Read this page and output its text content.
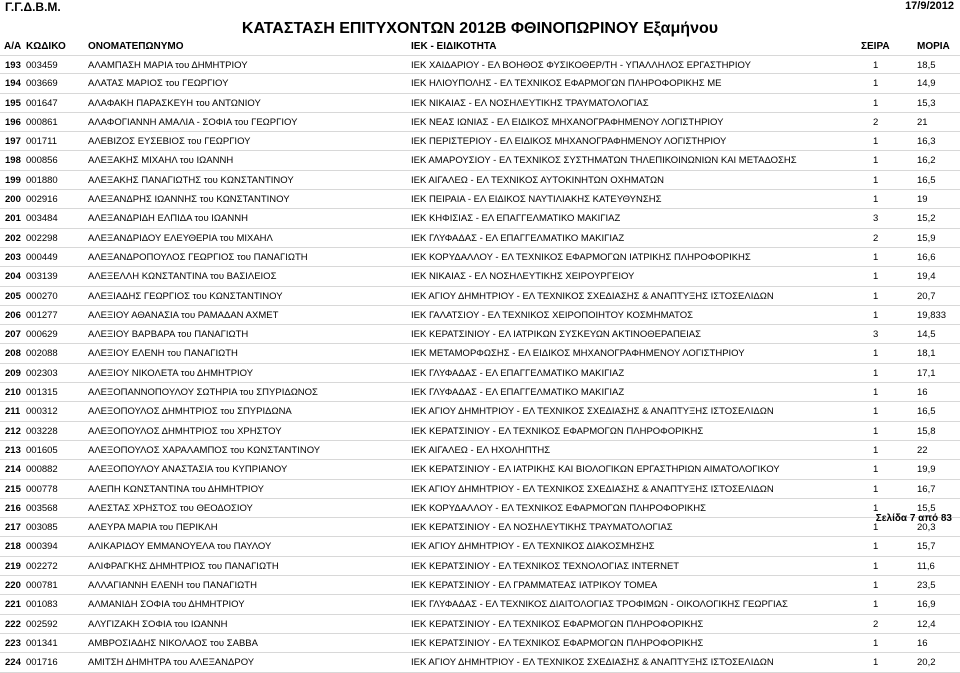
Γ.Γ.Δ.Β.Μ.	17/9/2012
ΚΑΤΑΣΤΑΣΗ ΕΠΙΤΥΧΟΝΤΩΝ 2012Β ΦΘΙΝΟΠΩΡΙΝΟΥ Εξαμήνου
Α/Α ΚΩΔΙΚΟ ΟΝΟΜΑΤΕΠΩΝΥΜΟ	ΙΕΚ - ΕΙΔΙΚΟΤΗΤΑ	ΣΕΙΡΑ	ΜΟΡΙΑ
193 003459	ΑΛΑΜΠΑΣΗ ΜΑΡΙΑ του ΔΗΜΗΤΡΙΟΥ	ΙΕΚ ΧΑΙΔΑΡΙΟΥ - ΕΛ ΒΟΗΘΟΣ ΦΥΣΙΚΟΘΕΡ/ΤΗ - ΥΠΑΛΛΗΛΟΣ ΕΡΓΑΣΤΗΡΙΟΥ	1	18,5
194 003669	ΑΛΑΤΑΣ ΜΑΡΙΟΣ του ΓΕΩΡΓΙΟΥ	ΙΕΚ ΗΛΙΟΥΠΟΛΗΣ - ΕΛ ΤΕΧΝΙΚΟΣ ΕΦΑΡΜΟΓΩΝ ΠΛΗΡΟΦΟΡΙΚΗΣ ΜΕ	1	14,9
195 001647	ΑΛΑΦΑΚΗ ΠΑΡΑΣΚΕΥΗ του ΑΝΤΩΝΙΟΥ	ΙΕΚ ΝΙΚΑΙΑΣ - ΕΛ ΝΟΣΗΛΕΥΤΙΚΗΣ ΤΡΑΥΜΑΤΟΛΟΓΙΑΣ	1	15,3
196 000861	ΑΛΑΦΟΓΙΑΝΝΗ ΑΜΑΛΙΑ - ΣΟΦΙΑ του ΓΕΩΡΓΙΟΥ	ΙΕΚ ΝΕΑΣ ΙΩΝΙΑΣ - ΕΛ ΕΙΔΙΚΟΣ ΜΗΧΑΝΟΓΡΑΦΗΜΕΝΟΥ ΛΟΓΙΣΤΗΡΙΟΥ	2	21
197 001711	ΑΛΕΒΙΖΟΣ ΕΥΣΕΒΙΟΣ του ΓΕΩΡΓΙΟΥ	ΙΕΚ ΠΕΡΙΣΤΕΡΙΟΥ - ΕΛ ΕΙΔΙΚΟΣ ΜΗΧΑΝΟΓΡΑΦΗΜΕΝΟΥ ΛΟΓΙΣΤΗΡΙΟΥ	1	16,3
198 000856	ΑΛΕΞΑΚΗΣ ΜΙΧΑΗΛ του ΙΩΑΝΝΗ	ΙΕΚ ΑΜΑΡΟΥΣΙΟΥ - ΕΛ ΤΕΧΝΙΚΟΣ ΣΥΣΤΗΜΑΤΩΝ ΤΗΛΕΠΙΚΟΙΝΩΝΙΩΝ ΚΑΙ ΜΕΤΑΔΟΣΗΣ	1	16,2
199 001880	ΑΛΕΞΑΚΗΣ ΠΑΝΑΓΙΩΤΗΣ του ΚΩΝΣΤΑΝΤΙΝΟΥ	ΙΕΚ ΑΙΓΑΛΕΩ - ΕΛ ΤΕΧΝΙΚΟΣ ΑΥΤΟΚΙΝΗΤΩΝ ΟΧΗΜΑΤΩΝ	1	16,5
200 002916	ΑΛΕΞΑΝΔΡΗΣ ΙΩΑΝΝΗΣ του ΚΩΝΣΤΑΝΤΙΝΟΥ	ΙΕΚ ΠΕΙΡΑΙΑ - ΕΛ ΕΙΔΙΚΟΣ ΝΑΥΤΙΛΙΑΚΗΣ ΚΑΤΕΥΘΥΝΣΗΣ	1	19
201 003484	ΑΛΕΞΑΝΔΡΙΔΗ ΕΛΠΙΔΑ του ΙΩΑΝΝΗ	ΙΕΚ ΚΗΦΙΣΙΑΣ - ΕΛ ΕΠΑΓΓΕΛΜΑΤΙΚΟ ΜΑΚΙΓΙΑΖ	3	15,2
202 002298	ΑΛΕΞΑΝΔΡΙΔΟΥ ΕΛΕΥΘΕΡΙΑ του ΜΙΧΑΗΛ	ΙΕΚ ΓΛΥΦΑΔΑΣ - ΕΛ ΕΠΑΓΓΕΛΜΑΤΙΚΟ ΜΑΚΙΓΙΑΖ	2	15,9
203 000449	ΑΛΕΞΑΝΔΡΟΠΟΥΛΟΣ ΓΕΩΡΓΙΟΣ του ΠΑΝΑΓΙΩΤΗ	ΙΕΚ ΚΟΡΥΔΑΛΛΟΥ - ΕΛ ΤΕΧΝΙΚΟΣ ΕΦΑΡΜΟΓΩΝ ΙΑΤΡΙΚΗΣ ΠΛΗΡΟΦΟΡΙΚΗΣ	1	16,6
204 003139	ΑΛΕΞΕΛΛΗ ΚΩΝΣΤΑΝΤΙΝΑ του ΒΑΣΙΛΕΙΟΣ	ΙΕΚ ΝΙΚΑΙΑΣ - ΕΛ ΝΟΣΗΛΕΥΤΙΚΗΣ ΧΕΙΡΟΥΡΓΕΙΟΥ	1	19,4
205 000270	ΑΛΕΞΙΑΔΗΣ ΓΕΩΡΓΙΟΣ του ΚΩΝΣΤΑΝΤΙΝΟΥ	ΙΕΚ ΑΓΙΟΥ ΔΗΜΗΤΡΙΟΥ - ΕΛ ΤΕΧΝΙΚΟΣ ΣΧΕΔΙΑΣΗΣ & ΑΝΑΠΤΥΞΗΣ ΙΣΤΟΣΕΛΙΔΩΝ	1	20,7
206 001277	ΑΛΕΞΙΟΥ ΑΘΑΝΑΣΙΑ του ΡΑΜΑΔΑΝ ΑΧΜΕΤ	ΙΕΚ ΓΑΛΑΤΣΙΟΥ - ΕΛ ΤΕΧΝΙΚΟΣ ΧΕΙΡΟΠΟΙΗΤΟΥ ΚΟΣΜΗΜΑΤΟΣ	1	19,833
207 000629	ΑΛΕΞΙΟΥ ΒΑΡΒΑΡΑ του ΠΑΝΑΓΙΩΤΗ	ΙΕΚ ΚΕΡΑΤΣΙΝΙΟΥ - ΕΛ ΙΑΤΡΙΚΩΝ ΣΥΣΚΕΥΩΝ ΑΚΤΙΝΟΘΕΡΑΠΕΙΑΣ	3	14,5
208 002088	ΑΛΕΞΙΟΥ ΕΛΕΝΗ του ΠΑΝΑΓΙΩΤΗ	ΙΕΚ ΜΕΤΑΜΟΡΦΩΣΗΣ - ΕΛ ΕΙΔΙΚΟΣ ΜΗΧΑΝΟΓΡΑΦΗΜΕΝΟΥ ΛΟΓΙΣΤΗΡΙΟΥ	1	18,1
209 002303	ΑΛΕΞΙΟΥ ΝΙΚΟΛΕΤΑ του ΔΗΜΗΤΡΙΟΥ	ΙΕΚ ΓΛΥΦΑΔΑΣ - ΕΛ ΕΠΑΓΓΕΛΜΑΤΙΚΟ ΜΑΚΙΓΙΑΖ	1	17,1
210 001315	ΑΛΕΞΟΠΑΝΝΟΠΟΥΛΟΥ ΣΩΤΗΡΙΑ του ΣΠΥΡΙΔΩΝΟΣ	ΙΕΚ ΓΛΥΦΑΔΑΣ - ΕΛ ΕΠΑΓΓΕΛΜΑΤΙΚΟ ΜΑΚΙΓΙΑΖ	1	16
211 000312	ΑΛΕΞΟΠΟΥΛΟΣ ΔΗΜΗΤΡΙΟΣ του ΣΠΥΡΙΔΩΝΑ	ΙΕΚ ΑΓΙΟΥ ΔΗΜΗΤΡΙΟΥ - ΕΛ ΤΕΧΝΙΚΟΣ ΣΧΕΔΙΑΣΗΣ & ΑΝΑΠΤΥΞΗΣ ΙΣΤΟΣΕΛΙΔΩΝ	1	16,5
212 003228	ΑΛΕΞΟΠΟΥΛΟΣ ΔΗΜΗΤΡΙΟΣ του ΧΡΗΣΤΟΥ	ΙΕΚ ΚΕΡΑΤΣΙΝΙΟΥ - ΕΛ ΤΕΧΝΙΚΟΣ ΕΦΑΡΜΟΓΩΝ ΠΛΗΡΟΦΟΡΙΚΗΣ	1	15,8
213 001605	ΑΛΕΞΟΠΟΥΛΟΣ ΧΑΡΑΛΑΜΠΟΣ του ΚΩΝΣΤΑΝΤΙΝΟΥ	ΙΕΚ ΑΙΓΑΛΕΩ - ΕΛ ΗΧΟΛΗΠΤΗΣ	1	22
214 000882	ΑΛΕΞΟΠΟΥΛΟΥ ΑΝΑΣΤΑΣΙΑ του ΚΥΠΡΙΑΝΟΥ	ΙΕΚ ΚΕΡΑΤΣΙΝΙΟΥ - ΕΛ ΙΑΤΡΙΚΗΣ ΚΑΙ ΒΙΟΛΟΓΙΚΩΝ ΕΡΓΑΣΤΗΡΙΩΝ ΑΙΜΑΤΟΛΟΓΙΚΟΥ	1	19,9
215 000778	ΑΛΕΠΗ ΚΩΝΣΤΑΝΤΙΝΑ του ΔΗΜΗΤΡΙΟΥ	ΙΕΚ ΑΓΙΟΥ ΔΗΜΗΤΡΙΟΥ - ΕΛ ΤΕΧΝΙΚΟΣ ΣΧΕΔΙΑΣΗΣ & ΑΝΑΠΤΥΞΗΣ ΙΣΤΟΣΕΛΙΔΩΝ	1	16,7
216 003568	ΑΛΕΣΤΑΣ ΧΡΗΣΤΟΣ του ΘΕΟΔΟΣΙΟΥ	ΙΕΚ ΚΟΡΥΔΑΛΛΟΥ - ΕΛ ΤΕΧΝΙΚΟΣ ΕΦΑΡΜΟΓΩΝ ΠΛΗΡΟΦΟΡΙΚΗΣ	1	15,5
217 003085	ΑΛΕΥΡΑ ΜΑΡΙΑ του ΠΕΡΙΚΛΗ	ΙΕΚ ΚΕΡΑΤΣΙΝΙΟΥ - ΕΛ ΝΟΣΗΛΕΥΤΙΚΗΣ ΤΡΑΥΜΑΤΟΛΟΓΙΑΣ	1	20,3
218 000394	ΑΛΙΚΑΡΙΔΟΥ ΕΜΜΑΝΟΥΕΛΑ του ΠΑΥΛΟΥ	ΙΕΚ ΑΓΙΟΥ ΔΗΜΗΤΡΙΟΥ - ΕΛ ΤΕΧΝΙΚΟΣ ΔΙΑΚΟΣΜΗΣΗΣ	1	15,7
219 002272	ΑΛΙΦΡΑΓΚΗΣ ΔΗΜΗΤΡΙΟΣ του ΠΑΝΑΓΙΩΤΗ	ΙΕΚ ΚΕΡΑΤΣΙΝΙΟΥ - ΕΛ ΤΕΧΝΙΚΟΣ ΤΕΧΝΟΛΟΓΙΑΣ INTERNET	1	11,6
220 000781	ΑΛΛΑΓΙΑΝΝΗ ΕΛΕΝΗ του ΠΑΝΑΓΙΩΤΗ	ΙΕΚ ΚΕΡΑΤΣΙΝΙΟΥ - ΕΛ ΓΡΑΜΜΑΤΕΑΣ ΙΑΤΡΙΚΟΥ ΤΟΜΕΑ	1	23,5
221 001083	ΑΛΜΑΝΙΔΗ ΣΟΦΙΑ του ΔΗΜΗΤΡΙΟΥ	ΙΕΚ ΓΛΥΦΑΔΑΣ - ΕΛ ΤΕΧΝΙΚΟΣ ΔΙΑΙΤΟΛΟΓΙΑΣ ΤΡΟΦΙΜΩΝ - ΟΙΚΟΛΟΓΙΚΗΣ ΓΕΩΡΓΙΑΣ	1	16,9
222 002592	ΑΛΥΓΙΖΑΚΗ ΣΟΦΙΑ του ΙΩΑΝΝΗ	ΙΕΚ ΚΕΡΑΤΣΙΝΙΟΥ - ΕΛ ΤΕΧΝΙΚΟΣ ΕΦΑΡΜΟΓΩΝ ΠΛΗΡΟΦΟΡΙΚΗΣ	2	12,4
223 001341	ΑΜΒΡΟΣΙΑΔΗΣ ΝΙΚΟΛΑΟΣ του ΣΑΒΒΑ	ΙΕΚ ΚΕΡΑΤΣΙΝΙΟΥ - ΕΛ ΤΕΧΝΙΚΟΣ ΕΦΑΡΜΟΓΩΝ ΠΛΗΡΟΦΟΡΙΚΗΣ	1	16
224 001716	ΑΜΙΤΣΗ ΔΗΜΗΤΡΑ του ΑΛΕΞΑΝΔΡΟΥ	ΙΕΚ ΑΓΙΟΥ ΔΗΜΗΤΡΙΟΥ - ΕΛ ΤΕΧΝΙΚΟΣ ΣΧΕΔΙΑΣΗΣ & ΑΝΑΠΤΥΞΗΣ ΙΣΤΟΣΕΛΙΔΩΝ	1	20,2
Σελίδα 7 από 83
